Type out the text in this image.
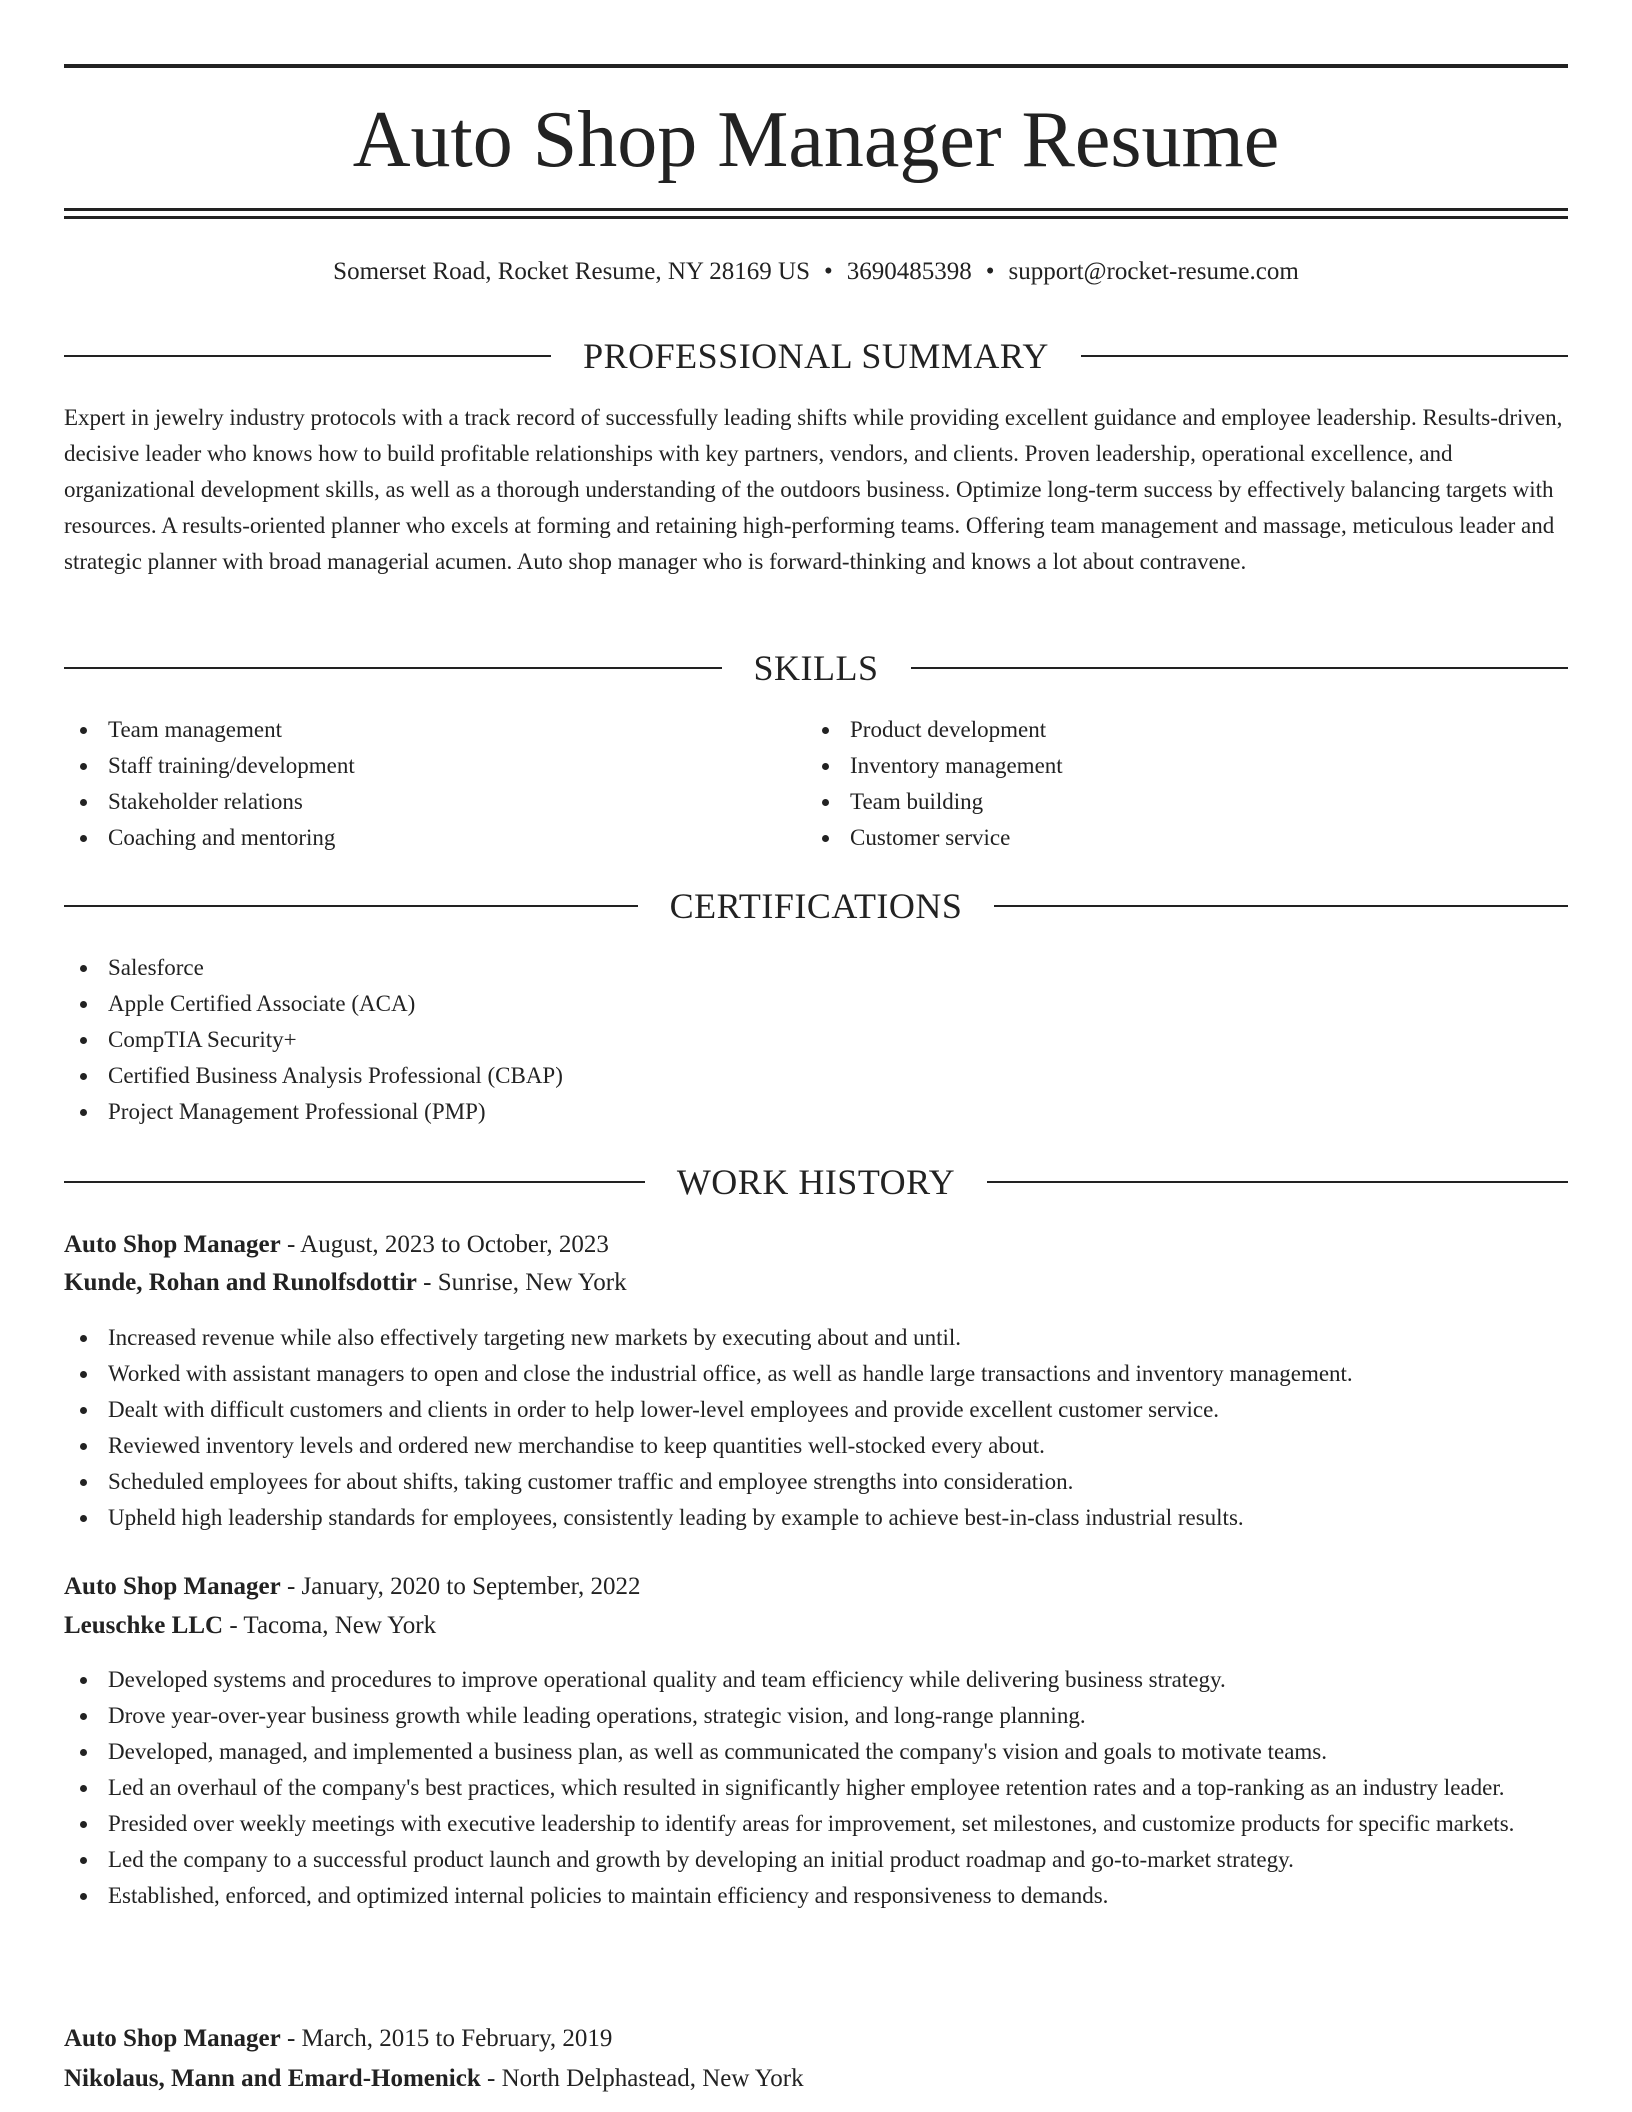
Auto Shop Manager Resume
Somerset Road, Rocket Resume, NY 28169 US • 3690485398 • support@rocket-resume.com
PROFESSIONAL SUMMARY

Expert in jewelry industry protocols with a track record of successfully leading shifts while providing excellent guidance and employee leadership. Results-driven, decisive leader who knows how to build profitable relationships with key partners, vendors, and clients. Proven leadership, operational excellence, and organizational development skills, as well as a thorough understanding of the outdoors business. Optimize long-term success by effectively balancing targets with resources. A results-oriented planner who excels at forming and retaining high-performing teams. Offering team management and massage, meticulous leader and strategic planner with broad managerial acumen. Auto shop manager who is forward-thinking and knows a lot about contravene.

SKILLS
Team management
Staff training/development
Stakeholder relations
Coaching and mentoring
Product development
Inventory management
Team building
Customer service
CERTIFICATIONS
Salesforce
Apple Certified Associate (ACA)
CompTIA Security+
Certified Business Analysis Professional (CBAP)
Project Management Professional (PMP)
WORK HISTORY
Auto Shop Manager - August, 2023 to October, 2023
Kunde, Rohan and Runolfsdottir - Sunrise, New York
Increased revenue while also effectively targeting new markets by executing about and until.
Worked with assistant managers to open and close the industrial office, as well as handle large transactions and inventory management.
Dealt with difficult customers and clients in order to help lower-level employees and provide excellent customer service.
Reviewed inventory levels and ordered new merchandise to keep quantities well-stocked every about.
Scheduled employees for about shifts, taking customer traffic and employee strengths into consideration.
Upheld high leadership standards for employees, consistently leading by example to achieve best-in-class industrial results.
Auto Shop Manager - January, 2020 to September, 2022
Leuschke LLC - Tacoma, New York
Developed systems and procedures to improve operational quality and team efficiency while delivering business strategy.
Drove year-over-year business growth while leading operations, strategic vision, and long-range planning.
Developed, managed, and implemented a business plan, as well as communicated the company's vision and goals to motivate teams.
Led an overhaul of the company's best practices, which resulted in significantly higher employee retention rates and a top-ranking as an industry leader.
Presided over weekly meetings with executive leadership to identify areas for improvement, set milestones, and customize products for specific markets.
Led the company to a successful product launch and growth by developing an initial product roadmap and go-to-market strategy.
Established, enforced, and optimized internal policies to maintain efficiency and responsiveness to demands.
Auto Shop Manager - March, 2015 to February, 2019
Nikolaus, Mann and Emard-Homenick - North Delphastead, New York
